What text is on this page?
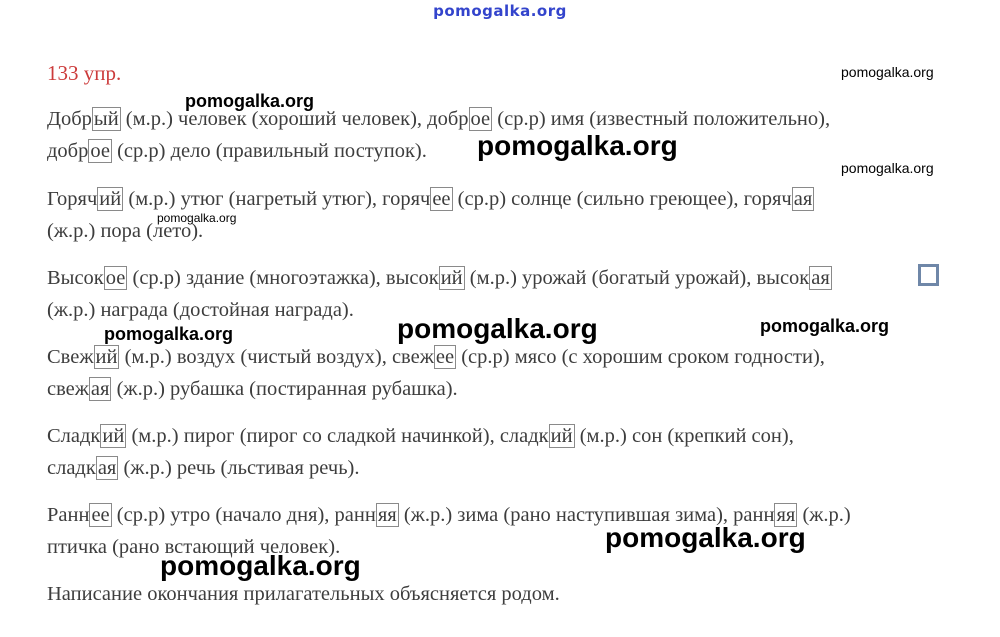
pomogalka.org
133 упр.
Добрый (м.р.) человек (хороший человек), доброе (ср.р) имя (известный положительно),
доброе (ср.р) дело (правильный поступок).
Горячий (м.р.) утюг (нагретый утюг), горячее (ср.р) солнце (сильно греющее), горячая
(ж.р.) пора (лето).
Высокое (ср.р) здание (многоэтажка), высокий (м.р.) урожай (богатый урожай), высокая
(ж.р.) награда (достойная награда).
Свежий (м.р.) воздух (чистый воздух), свежее (ср.р) мясо (с хорошим сроком годности),
свежая (ж.р.) рубашка (постиранная рубашка).
Сладкий (м.р.) пирог (пирог со сладкой начинкой), сладкий (м.р.) сон (крепкий сон),
сладкая (ж.р.) речь (льстивая речь).
Раннее (ср.р) утро (начало дня), ранняя (ж.р.) зима (рано наступившая зима), ранняя (ж.р.)
птичка (рано встающий человек).
Написание окончания прилагательных объясняется родом.
pomogalka.org
pomogalka.org
pomogalka.org
pomogalka.org
pomogalka.org
pomogalka.org	pomogalka.org	pomogalka.org
pomogalka.org
pomogalka.org
